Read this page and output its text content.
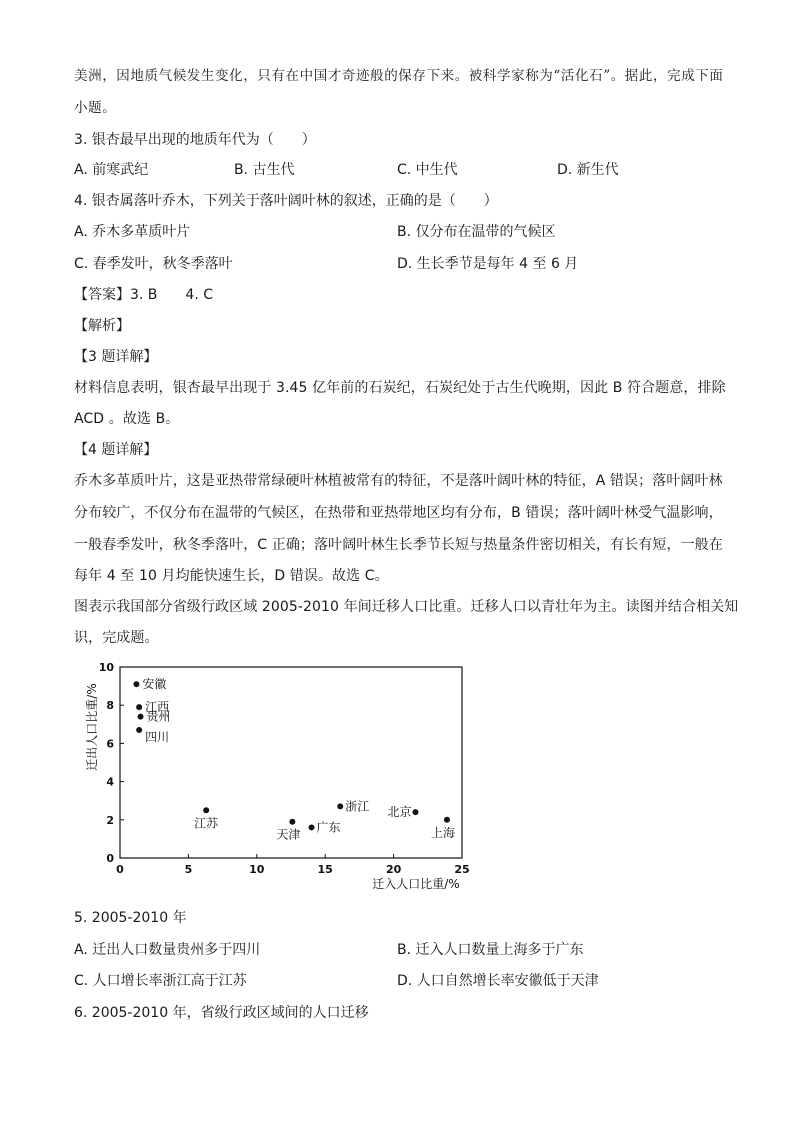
美洲，因地质气候发生变化，只有在中国才奇迹般的保存下来。被科学家称为“活化石”。据此，完成下面
小题。
3. 银杏最早出现的地质年代为（　　）
A. 前寒武纪	B. 古生代	C. 中生代	D. 新生代
4. 银杏属落叶乔木，下列关于落叶阔叶林的叙述，正确的是（　　）
A. 乔木多革质叶片	B. 仅分布在温带的气候区
C. 春季发叶，秋冬季落叶	D. 生长季节是每年 4 至 6 月
【答案】3. B　　4. C
【解析】
【3 题详解】
材料信息表明，银杏最早出现于 3.45 亿年前的石炭纪，石炭纪处于古生代晚期，因此 B 符合题意，排除
ACD 。故选 B。
【4 题详解】
乔木多革质叶片，这是亚热带常绿硬叶林植被常有的特征，不是落叶阔叶林的特征，A 错误；落叶阔叶林
分布较广，不仅分布在温带的气候区，在热带和亚热带地区均有分布，B 错误；落叶阔叶林受气温影响，
一般春季发叶，秋冬季落叶，C 正确；落叶阔叶林生长季节长短与热量条件密切相关，有长有短，一般在
每年 4 至 10 月均能快速生长，D 错误。故选 C。
图表示我国部分省级行政区域 2005-2010 年间迁移人口比重。迁移人口以青壮年为主。读图并结合相关知
识，完成题。
0
2
4
6
8
10
0	5	10	15	20	25
迁入人口比重/%
迁出人口比重/%	安徽
江西
贵州
四川
江苏
天津
广东
浙江 北京
上海
5. 2005-2010 年
A. 迁出人口数量贵州多于四川	B. 迁入人口数量上海多于广东
C. 人口增长率浙江高于江苏	D. 人口自然增长率安徽低于天津
6. 2005-2010 年，省级行政区域间的人口迁移
